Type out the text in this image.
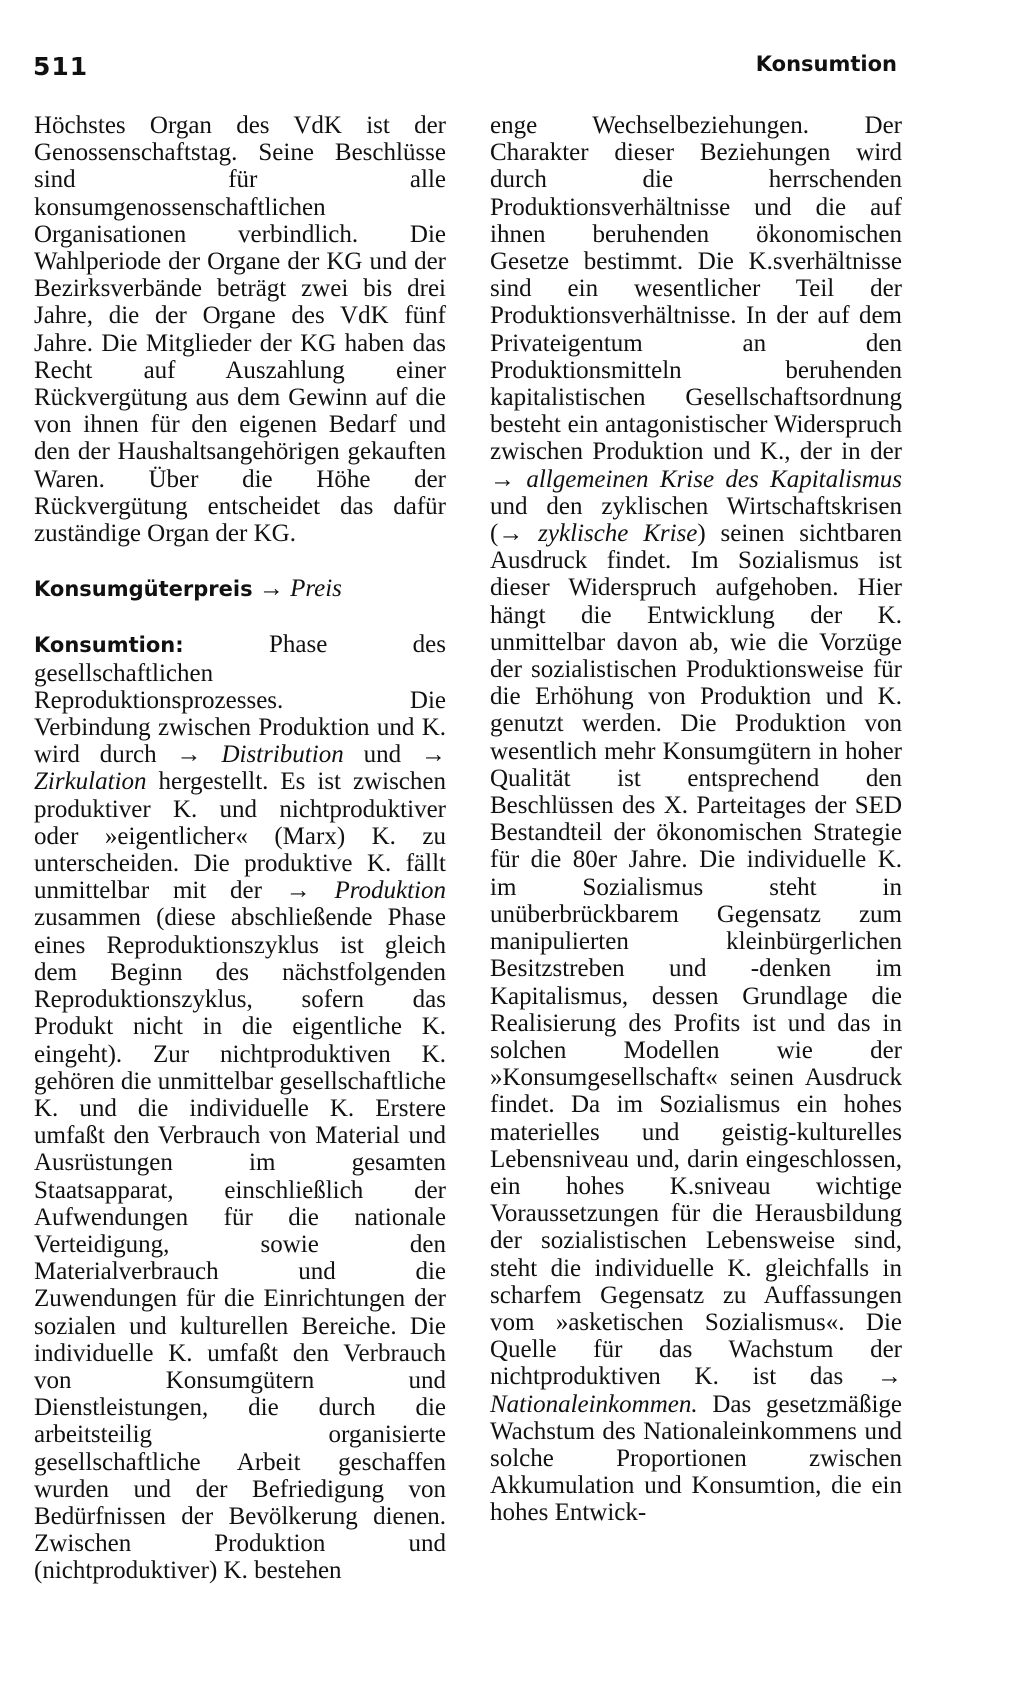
511	Konsumtion

Höchstes Organ des VdK ist der Genossenschaftstag. Seine Beschlüsse sind für alle konsumgenossenschaftlichen Organisationen verbindlich. Die Wahlperiode der Organe der KG und der Bezirksverbände beträgt zwei bis drei Jahre, die der Organe des VdK fünf Jahre. Die Mitglieder der KG haben das Recht auf Auszahlung einer Rückvergütung aus dem Gewinn auf die von ihnen für den eigenen Bedarf und den der Haushaltsangehörigen gekauften Waren. Über die Höhe der Rückvergütung entscheidet das dafür zuständige Organ der KG.

Konsumgüterpreis → Preis

Konsumtion: Phase des gesellschaftlichen Reproduktionsprozesses. Die Verbindung zwischen Produktion und K. wird durch → Distribution und → Zirkulation hergestellt. Es ist zwischen produktiver K. und nichtproduktiver oder »eigentlicher« (Marx) K. zu unterscheiden. Die produktive K. fällt unmittelbar mit der → Produktion zusammen (diese abschließende Phase eines Reproduktionszyklus ist gleich dem Beginn des nächstfolgenden Reproduktionszyklus, sofern das Produkt nicht in die eigentliche K. eingeht). Zur nichtproduktiven K. gehören die unmittelbar gesellschaftliche K. und die individuelle K. Erstere umfaßt den Verbrauch von Material und Ausrüstungen im gesamten Staatsapparat, einschließlich der Aufwendungen für die nationale Verteidigung, sowie den Materialverbrauch und die Zuwendungen für die Einrichtungen der sozialen und kulturellen Bereiche. Die individuelle K. umfaßt den Verbrauch von Konsumgütern und Dienstleistungen, die durch die arbeitsteilig organisierte gesellschaftliche Arbeit geschaffen wurden und der Befriedigung von Bedürfnissen der Bevölkerung dienen. Zwischen Produktion und (nichtproduktiver) K. bestehen

enge Wechselbeziehungen. Der Charakter dieser Beziehungen wird durch die herrschenden Produktionsverhältnisse und die auf ihnen beruhenden ökonomischen Gesetze bestimmt. Die K.sverhältnisse sind ein wesentlicher Teil der Produktionsverhältnisse. In der auf dem Privateigentum an den Produktionsmitteln beruhenden kapitalistischen Gesellschaftsordnung besteht ein antagonistischer Widerspruch zwischen Produktion und K., der in der → allgemeinen Krise des Kapitalismus und den zyklischen Wirtschaftskrisen (→ zyklische Krise) seinen sichtbaren Ausdruck findet. Im Sozialismus ist dieser Widerspruch aufgehoben. Hier hängt die Entwicklung der K. unmittelbar davon ab, wie die Vorzüge der sozialistischen Produktionsweise für die Erhöhung von Produktion und K. genutzt werden. Die Produktion von wesentlich mehr Konsumgütern in hoher Qualität ist entsprechend den Beschlüssen des X. Parteitages der SED Bestandteil der ökonomischen Strategie für die 80er Jahre. Die individuelle K. im Sozialismus steht in unüberbrückbarem Gegensatz zum manipulierten kleinbürgerlichen Besitzstreben und -denken im Kapitalismus, dessen Grundlage die Realisierung des Profits ist und das in solchen Modellen wie der »Konsumgesellschaft« seinen Ausdruck findet. Da im Sozialismus ein hohes materielles und geistig-kulturelles Lebensniveau und, darin eingeschlossen, ein hohes K.sniveau wichtige Voraussetzungen für die Herausbildung der sozialistischen Lebensweise sind, steht die individuelle K. gleichfalls in scharfem Gegensatz zu Auffassungen vom »asketischen Sozialismus«. Die Quelle für das Wachstum der nichtproduktiven K. ist das → Nationaleinkommen. Das gesetzmäßige Wachstum des Nationaleinkommens und solche Proportionen zwischen Akkumulation und Konsumtion, die ein hohes Entwick-
